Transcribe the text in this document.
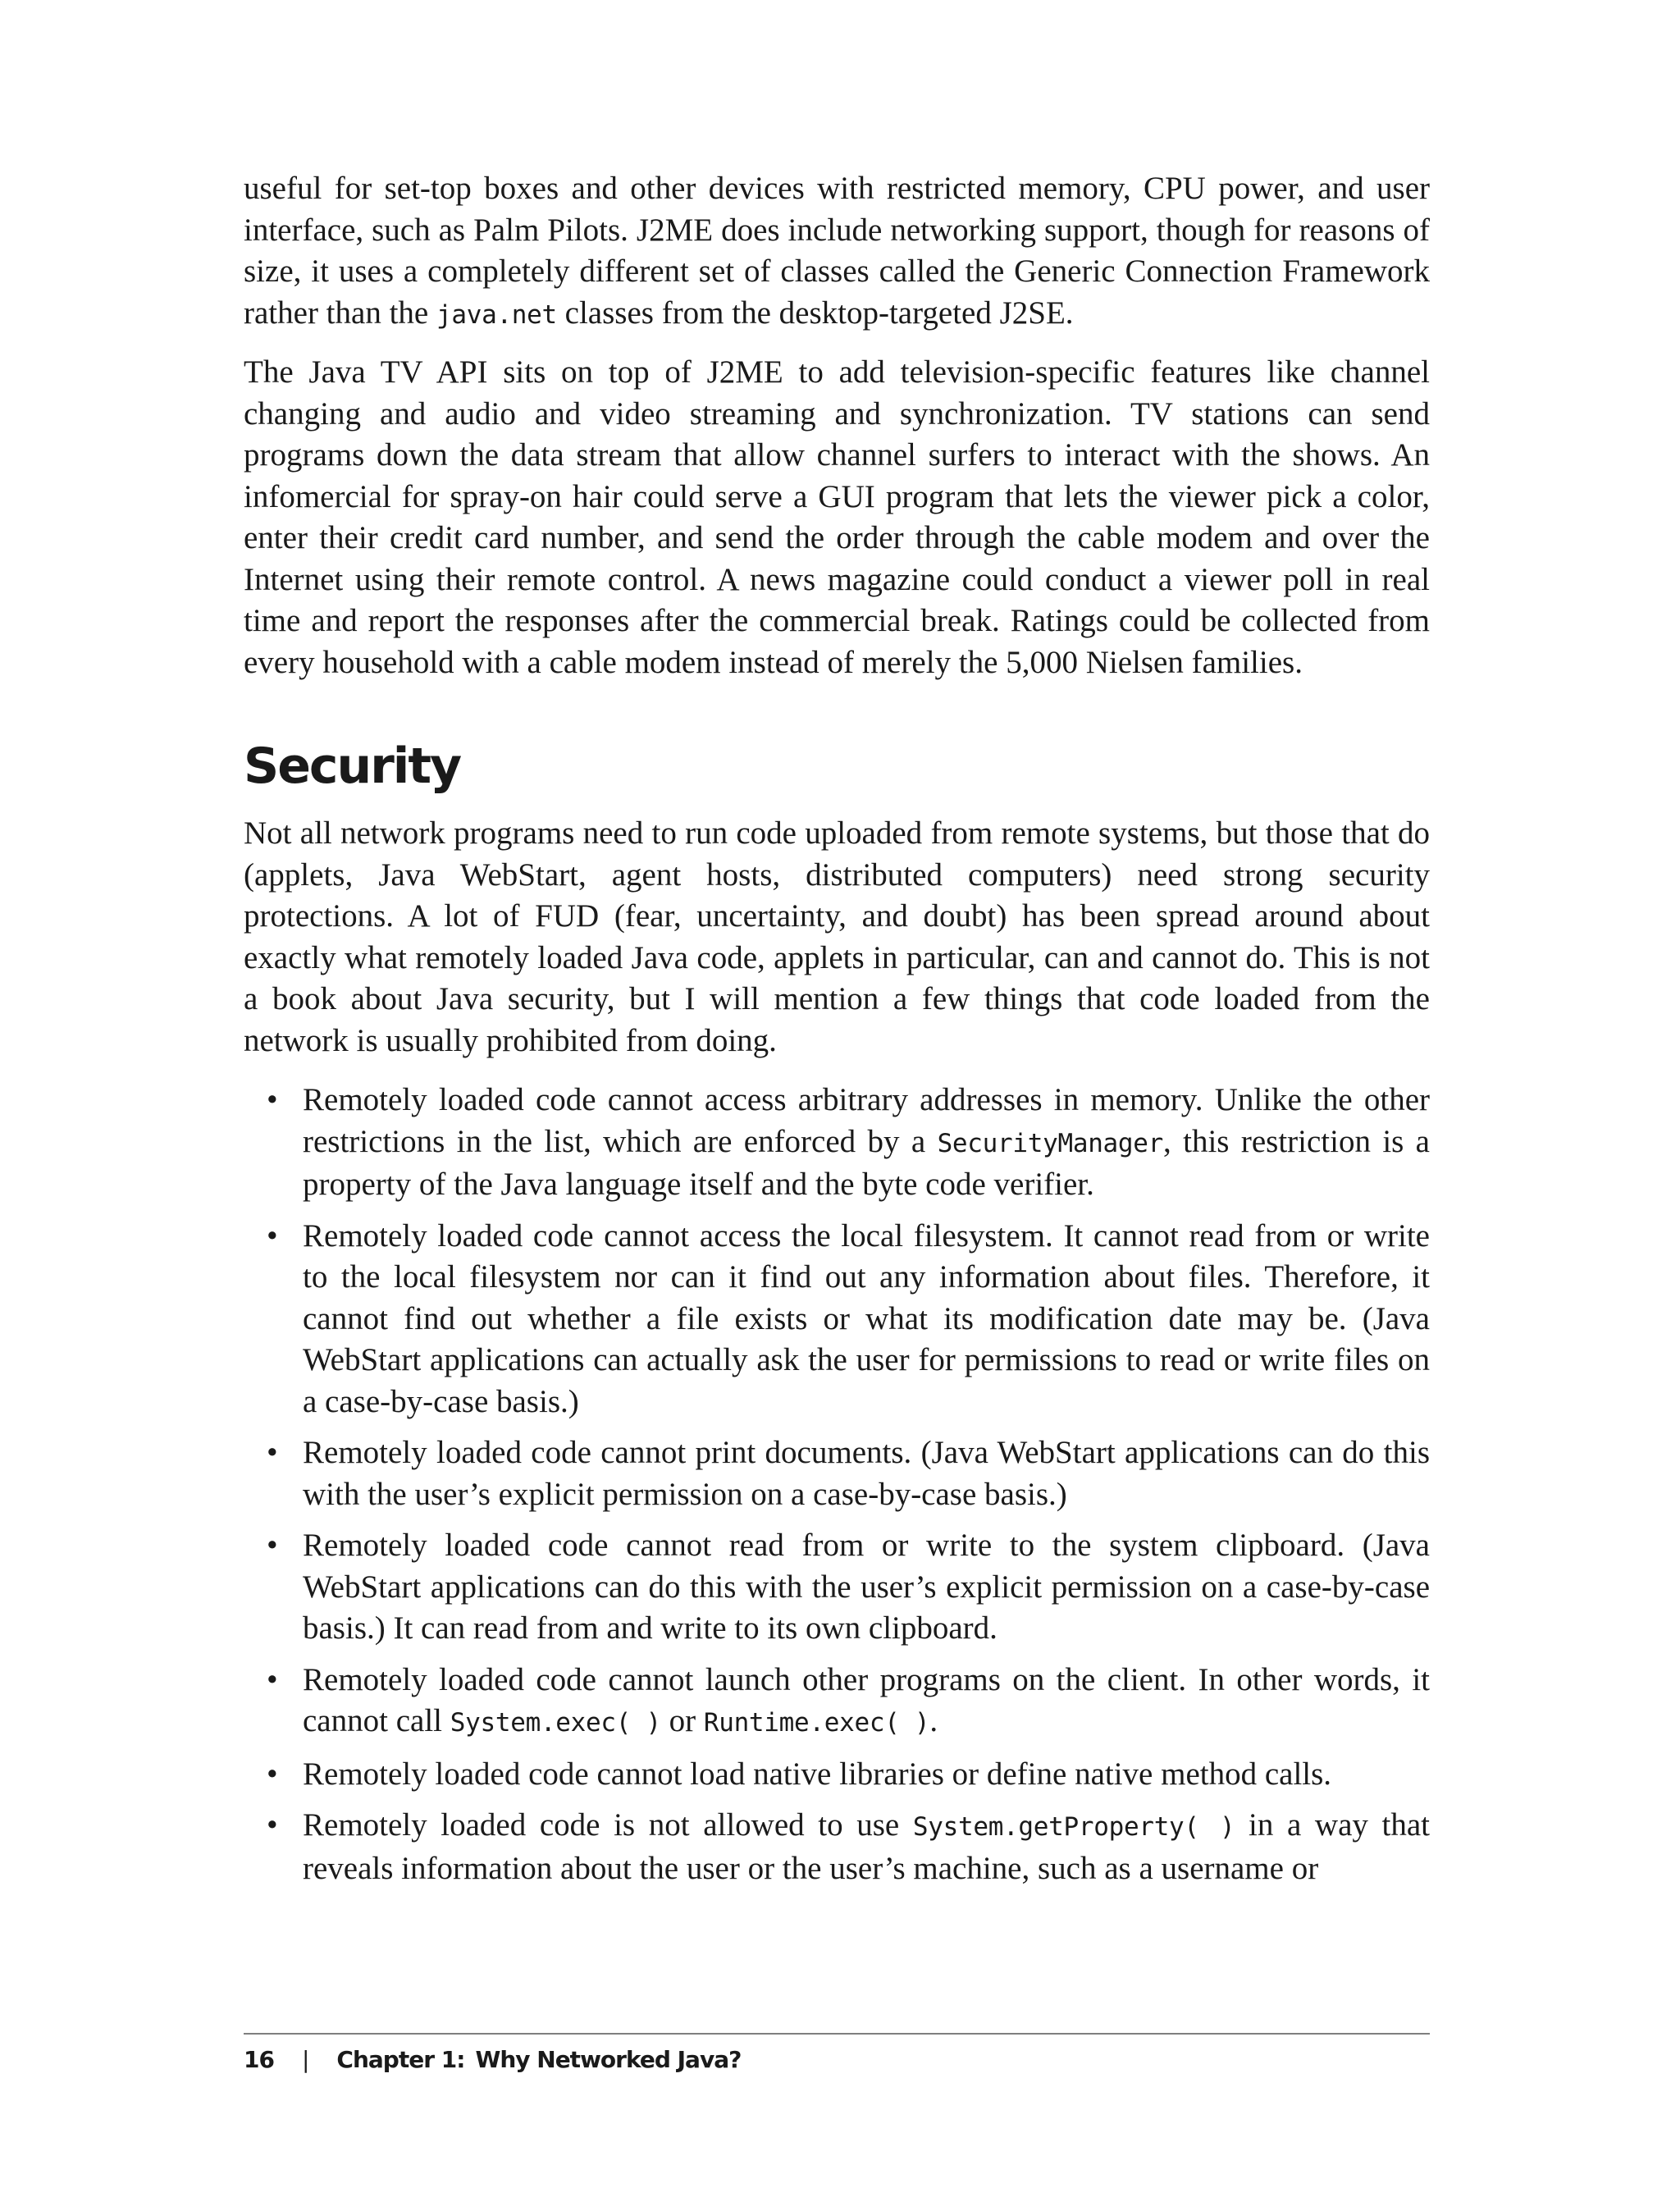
useful for set-top boxes and other devices with restricted memory, CPU power, and user interface, such as Palm Pilots. J2ME does include networking support, though for reasons of size, it uses a completely different set of classes called the Generic Connection Framework rather than the java.net classes from the desktop-targeted J2SE.

The Java TV API sits on top of J2ME to add television-specific features like channel changing and audio and video streaming and synchronization. TV stations can send programs down the data stream that allow channel surfers to interact with the shows. An infomercial for spray-on hair could serve a GUI program that lets the viewer pick a color, enter their credit card number, and send the order through the cable modem and over the Internet using their remote control. A news magazine could conduct a viewer poll in real time and report the responses after the commercial break. Ratings could be collected from every household with a cable modem instead of merely the 5,000 Nielsen families.

Security

Not all network programs need to run code uploaded from remote systems, but those that do (applets, Java WebStart, agent hosts, distributed computers) need strong security protections. A lot of FUD (fear, uncertainty, and doubt) has been spread around about exactly what remotely loaded Java code, applets in particular, can and cannot do. This is not a book about Java security, but I will mention a few things that code loaded from the network is usually prohibited from doing.

• Remotely loaded code cannot access arbitrary addresses in memory. Unlike the other restrictions in the list, which are enforced by a SecurityManager, this restriction is a property of the Java language itself and the byte code verifier.
• Remotely loaded code cannot access the local filesystem. It cannot read from or write to the local filesystem nor can it find out any information about files. Therefore, it cannot find out whether a file exists or what its modification date may be. (Java WebStart applications can actually ask the user for permissions to read or write files on a case-by-case basis.)
• Remotely loaded code cannot print documents. (Java WebStart applications can do this with the user’s explicit permission on a case-by-case basis.)
• Remotely loaded code cannot read from or write to the system clipboard. (Java WebStart applications can do this with the user’s explicit permission on a case-by-case basis.) It can read from and write to its own clipboard.
• Remotely loaded code cannot launch other programs on the client. In other words, it cannot call System.exec( ) or Runtime.exec( ).
• Remotely loaded code cannot load native libraries or define native method calls.
• Remotely loaded code is not allowed to use System.getProperty( ) in a way that reveals information about the user or the user’s machine, such as a username or
16 | Chapter 1: Why Networked Java?
